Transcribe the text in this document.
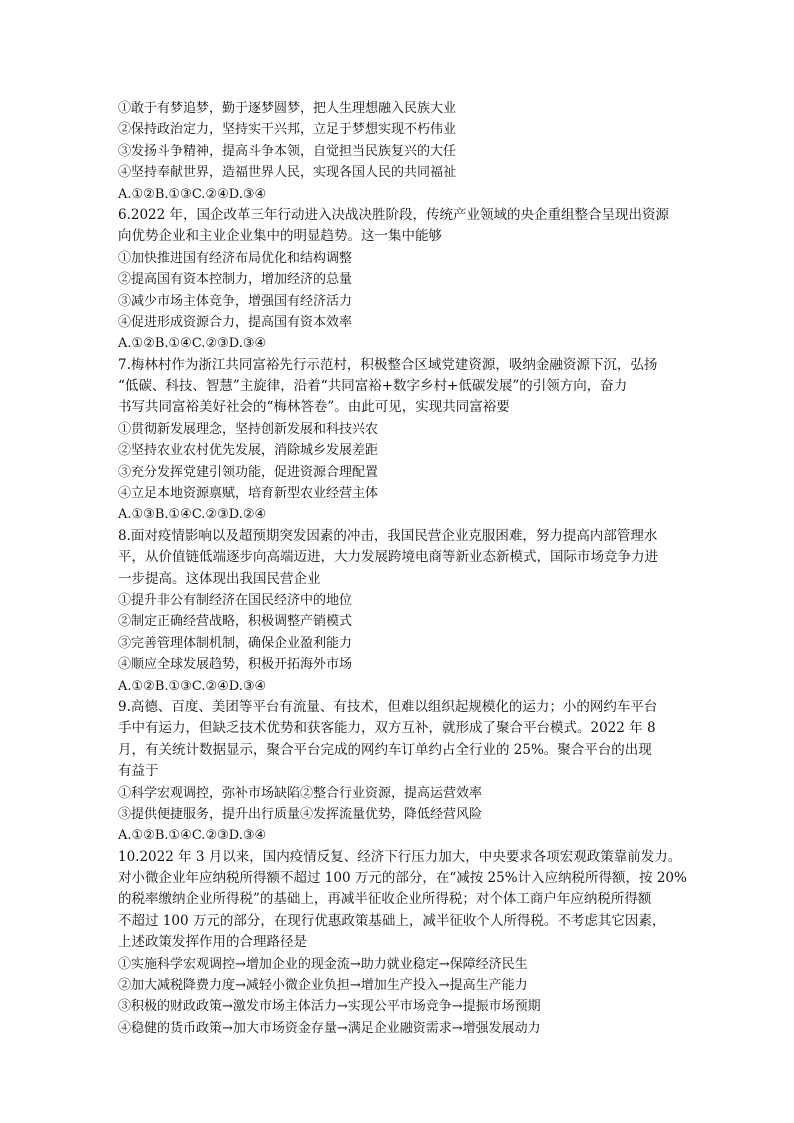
①敢于有梦追梦，勤于逐梦圆梦，把人生理想融入民族大业
②保持政治定力，坚持实干兴邦，立足于梦想实现不朽伟业
③发扬斗争精神，提高斗争本领，自觉担当民族复兴的大任
④坚持奉献世界，造福世界人民，实现各国人民的共同福祉
A.①②B.①③C.②④D.③④
6.2022 年，国企改革三年行动进入决战决胜阶段，传统产业领域的央企重组整合呈现出资源
向优势企业和主业企业集中的明显趋势。这一集中能够
①加快推进国有经济布局优化和结构调整
②提高国有资本控制力，增加经济的总量
③减少市场主体竞争，增强国有经济活力
④促进形成资源合力，提高国有资本效率
A.①②B.①④C.②③D.③④
7.梅林村作为浙江共同富裕先行示范村，积极整合区域党建资源，吸纳金融资源下沉，弘扬
“低碳、科技、智慧”主旋律，沿着“共同富裕+数字乡村+低碳发展”的引领方向，奋力
书写共同富裕美好社会的“梅林答卷”。由此可见，实现共同富裕要
①贯彻新发展理念，坚持创新发展和科技兴农
②坚持农业农村优先发展，消除城乡发展差距
③充分发挥党建引领功能，促进资源合理配置
④立足本地资源禀赋，培育新型农业经营主体
A.①③B.①④C.②③D.②④
8.面对疫情影响以及超预期突发因素的冲击，我国民营企业克服困难，努力提高内部管理水
平，从价值链低端逐步向高端迈进，大力发展跨境电商等新业态新模式，国际市场竞争力进
一步提高。这体现出我国民营企业
①提升非公有制经济在国民经济中的地位
②制定正确经营战略，积极调整产销模式
③完善管理体制机制，确保企业盈利能力
④顺应全球发展趋势，积极开拓海外市场
A.①②B.①③C.②④D.③④
9.高德、百度、美团等平台有流量、有技术，但难以组织起规模化的运力；小的网约车平台
手中有运力，但缺乏技术优势和获客能力，双方互补，就形成了聚合平台模式。2022 年 8
月，有关统计数据显示，聚合平台完成的网约车订单约占全行业的 25%。聚合平台的出现
有益于
①科学宏观调控，弥补市场缺陷②整合行业资源，提高运营效率
③提供便捷服务，提升出行质量④发挥流量优势，降低经营风险
A.①②B.①④C.②③D.③④
10.2022 年 3 月以来，国内疫情反复、经济下行压力加大，中央要求各项宏观政策靠前发力。
对小微企业年应纳税所得额不超过 100 万元的部分，在“减按 25%计入应纳税所得额，按 20%
的税率缴纳企业所得税”的基础上，再减半征收企业所得税；对个体工商户年应纳税所得额
不超过 100 万元的部分，在现行优惠政策基础上，减半征收个人所得税。不考虑其它因素，
上述政策发挥作用的合理路径是
①实施科学宏观调控→增加企业的现金流→助力就业稳定→保障经济民生
②加大减税降费力度→减轻小微企业负担→增加生产投入→提高生产能力
③积极的财政政策→激发市场主体活力→实现公平市场竞争→提振市场预期
④稳健的货币政策→加大市场资金存量→满足企业融资需求→增强发展动力
